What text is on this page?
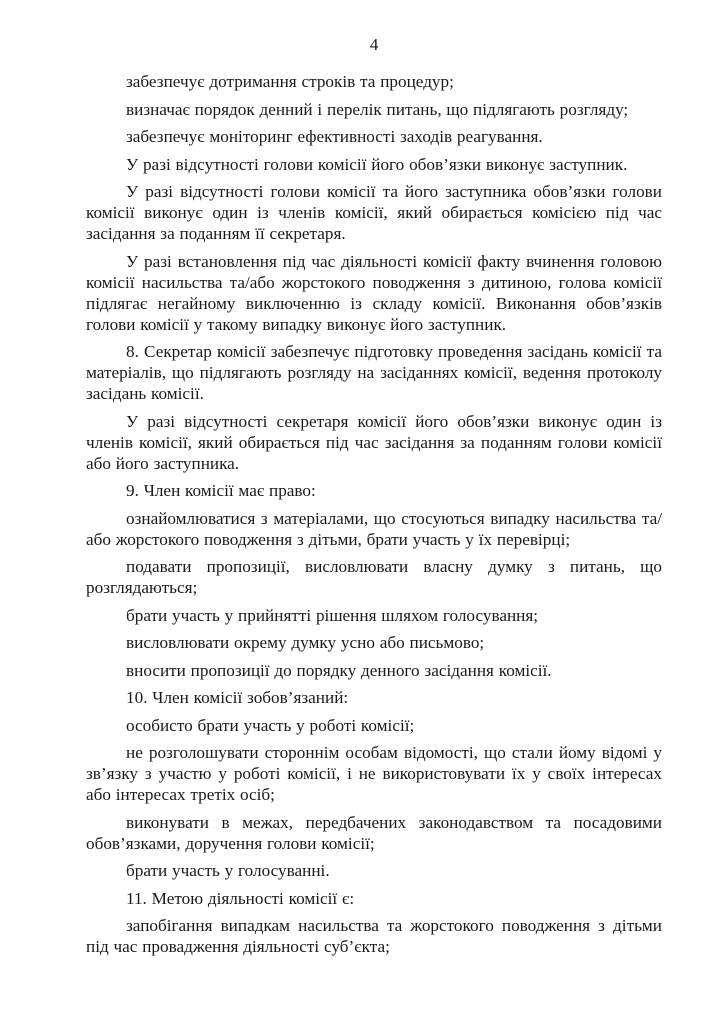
4

забезпечує дотримання строків та процедур;

визначає порядок денний і перелік питань, що підлягають розгляду;

забезпечує моніторинг ефективності заходів реагування.

У разі відсутності голови комісії його обов’язки виконує заступник.

У разі відсутності голови комісії та його заступника обов’язки голови комісії виконує один із членів комісії, який обирається комісією під час засідання за поданням її секретаря.

У разі встановлення під час діяльності комісії факту вчинення головою комісії насильства та/або жорстокого поводження з дитиною, голова комісії підлягає негайному виключенню із складу комісії. Виконання обов’язків голови комісії у такому випадку виконує його заступник.

8. Секретар комісії забезпечує підготовку проведення засідань комісії та матеріалів, що підлягають розгляду на засіданнях комісії, ведення протоколу засідань комісії.

У разі відсутності секретаря комісії його обов’язки виконує один із членів комісії, який обирається під час засідання за поданням голови комісії або його заступника.

9. Член комісії має право:

ознайомлюватися з матеріалами, що стосуються випадку насильства та/або жорстокого поводження з дітьми, брати участь у їх перевірці;

подавати пропозиції, висловлювати власну думку з питань, що розглядаються;

брати участь у прийнятті рішення шляхом голосування;

висловлювати окрему думку усно або письмово;

вносити пропозиції до порядку денного засідання комісії.

10. Член комісії зобов’язаний:

особисто брати участь у роботі комісії;

не розголошувати стороннім особам відомості, що стали йому відомі у зв’язку з участю у роботі комісії, і не використовувати їх у своїх інтересах або інтересах третіх осіб;

виконувати в межах, передбачених законодавством та посадовими обов’язками, доручення голови комісії;

брати участь у голосуванні.

11. Метою діяльності комісії є:

запобігання випадкам насильства та жорстокого поводження з дітьми під час провадження діяльності суб’єкта;
